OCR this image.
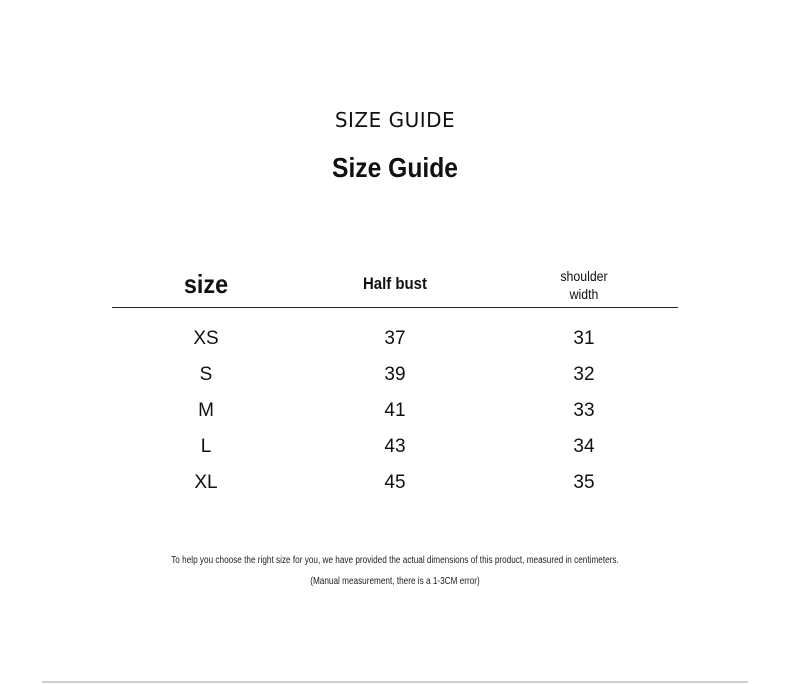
SIZE GUIDE
Size Guide
size	Half bust	shoulder
width
XS	37	31
S	39	32
M	41	33
L	43	34
XL	45	35
To help you choose the right size for you, we have provided the actual dimensions of this product, measured in centimeters.
(Manual measurement, there is a 1-3CM error)
